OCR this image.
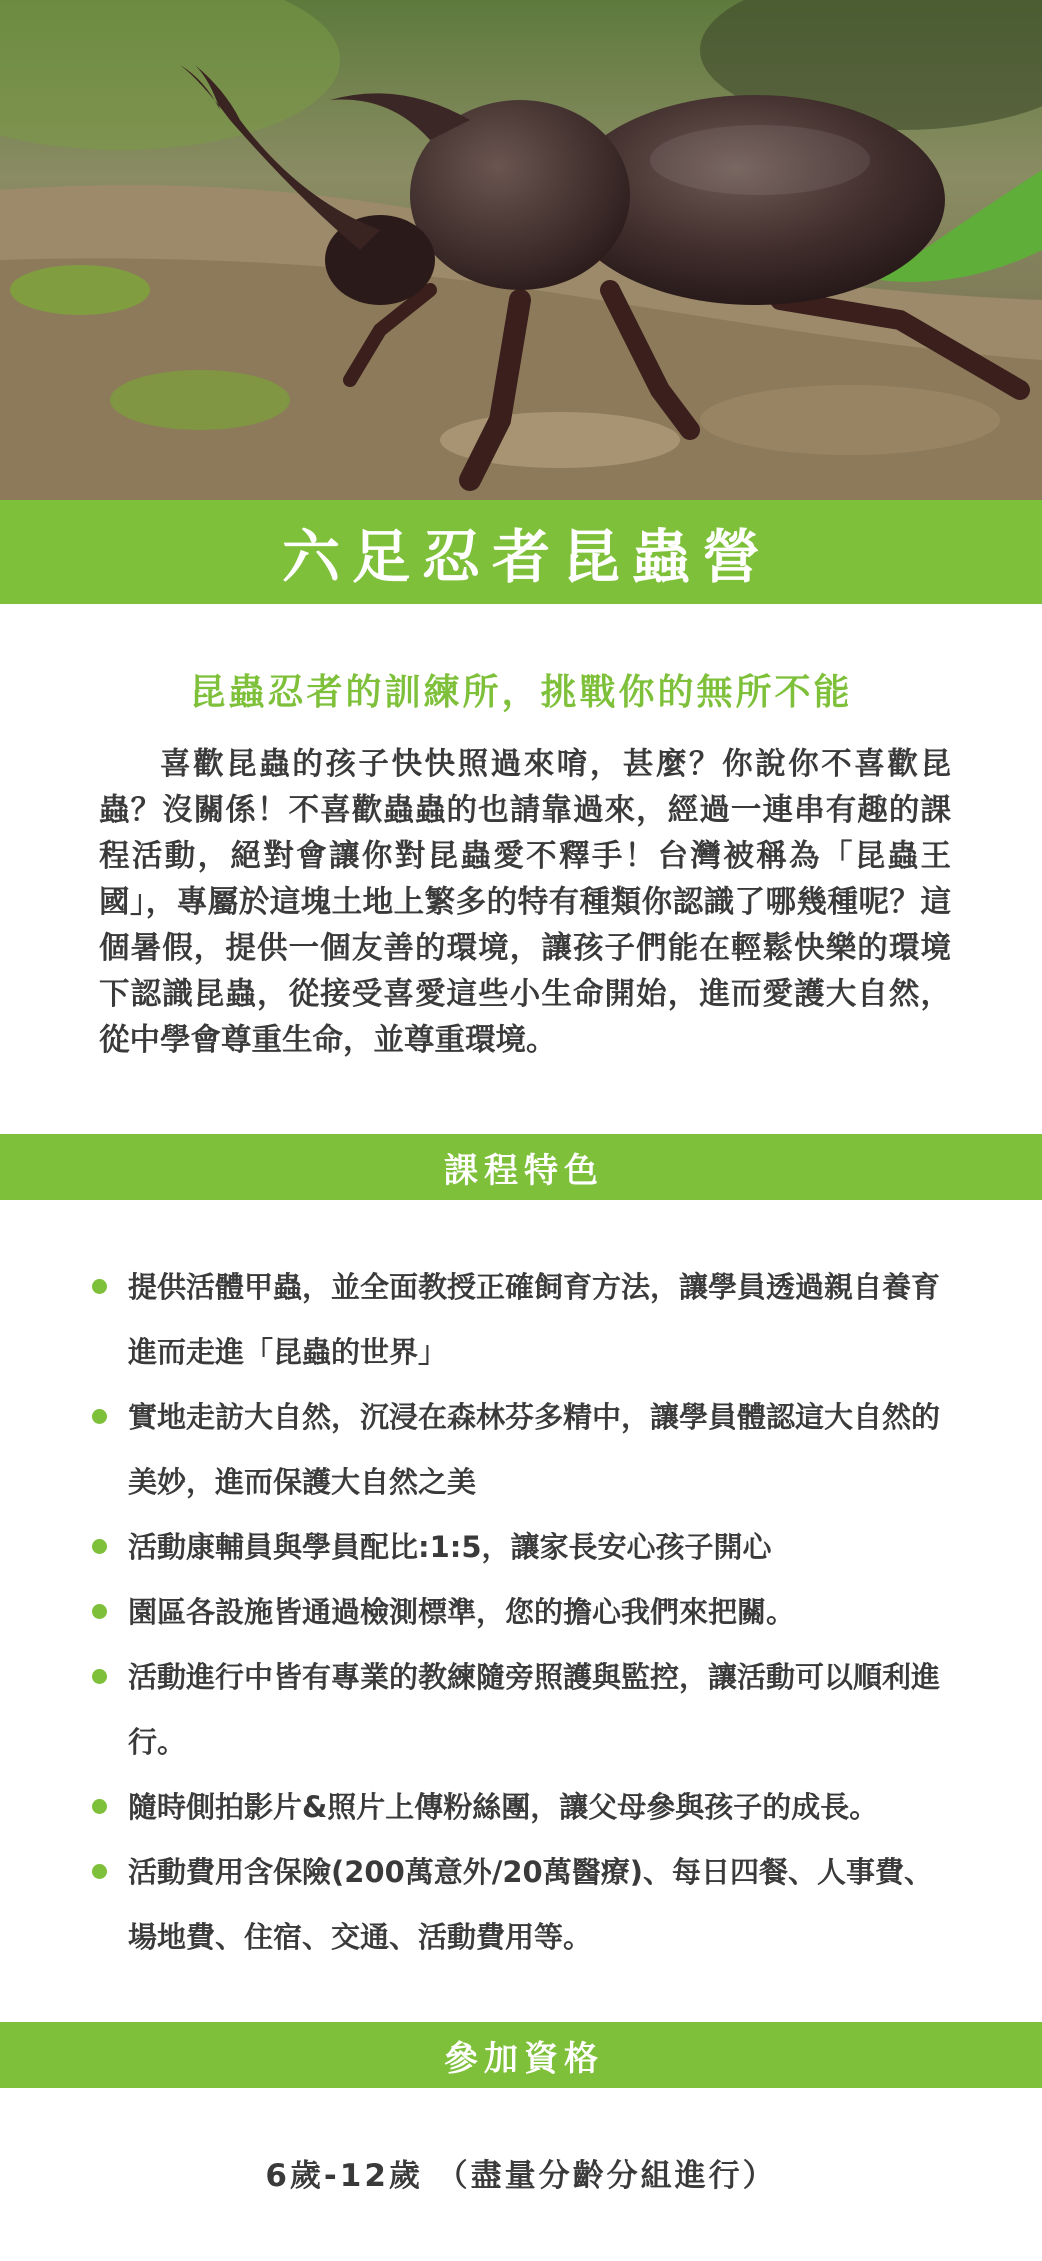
六足忍者昆蟲營
昆蟲忍者的訓練所，挑戰你的無所不能

喜歡昆蟲的孩子快快照過來唷，甚麼？你說你不喜歡昆蟲？沒關係！不喜歡蟲蟲的也請靠過來，經過一連串有趣的課程活動，絕對會讓你對昆蟲愛不釋手！台灣被稱為「昆蟲王國」，專屬於這塊土地上繁多的特有種類你認識了哪幾種呢？這個暑假，提供一個友善的環境，讓孩子們能在輕鬆快樂的環境下認識昆蟲，從接受喜愛這些小生命開始，進而愛護大自然，從中學會尊重生命，並尊重環境。

課程特色
提供活體甲蟲，並全面教授正確飼育方法，讓學員透過親自養育進而走進「昆蟲的世界」
實地走訪大自然，沉浸在森林芬多精中，讓學員體認這大自然的美妙，進而保護大自然之美
活動康輔員與學員配比:1:5，讓家長安心孩子開心
園區各設施皆通過檢測標準，您的擔心我們來把關。
活動進行中皆有專業的教練隨旁照護與監控，讓活動可以順利進行。
隨時側拍影片&照片上傳粉絲團，讓父母參與孩子的成長。
活動費用含保險(200萬意外/20萬醫療)、每日四餐、人事費、場地費、住宿、交通、活動費用等。
參加資格
6歲-12歲 （盡量分齡分組進行）
